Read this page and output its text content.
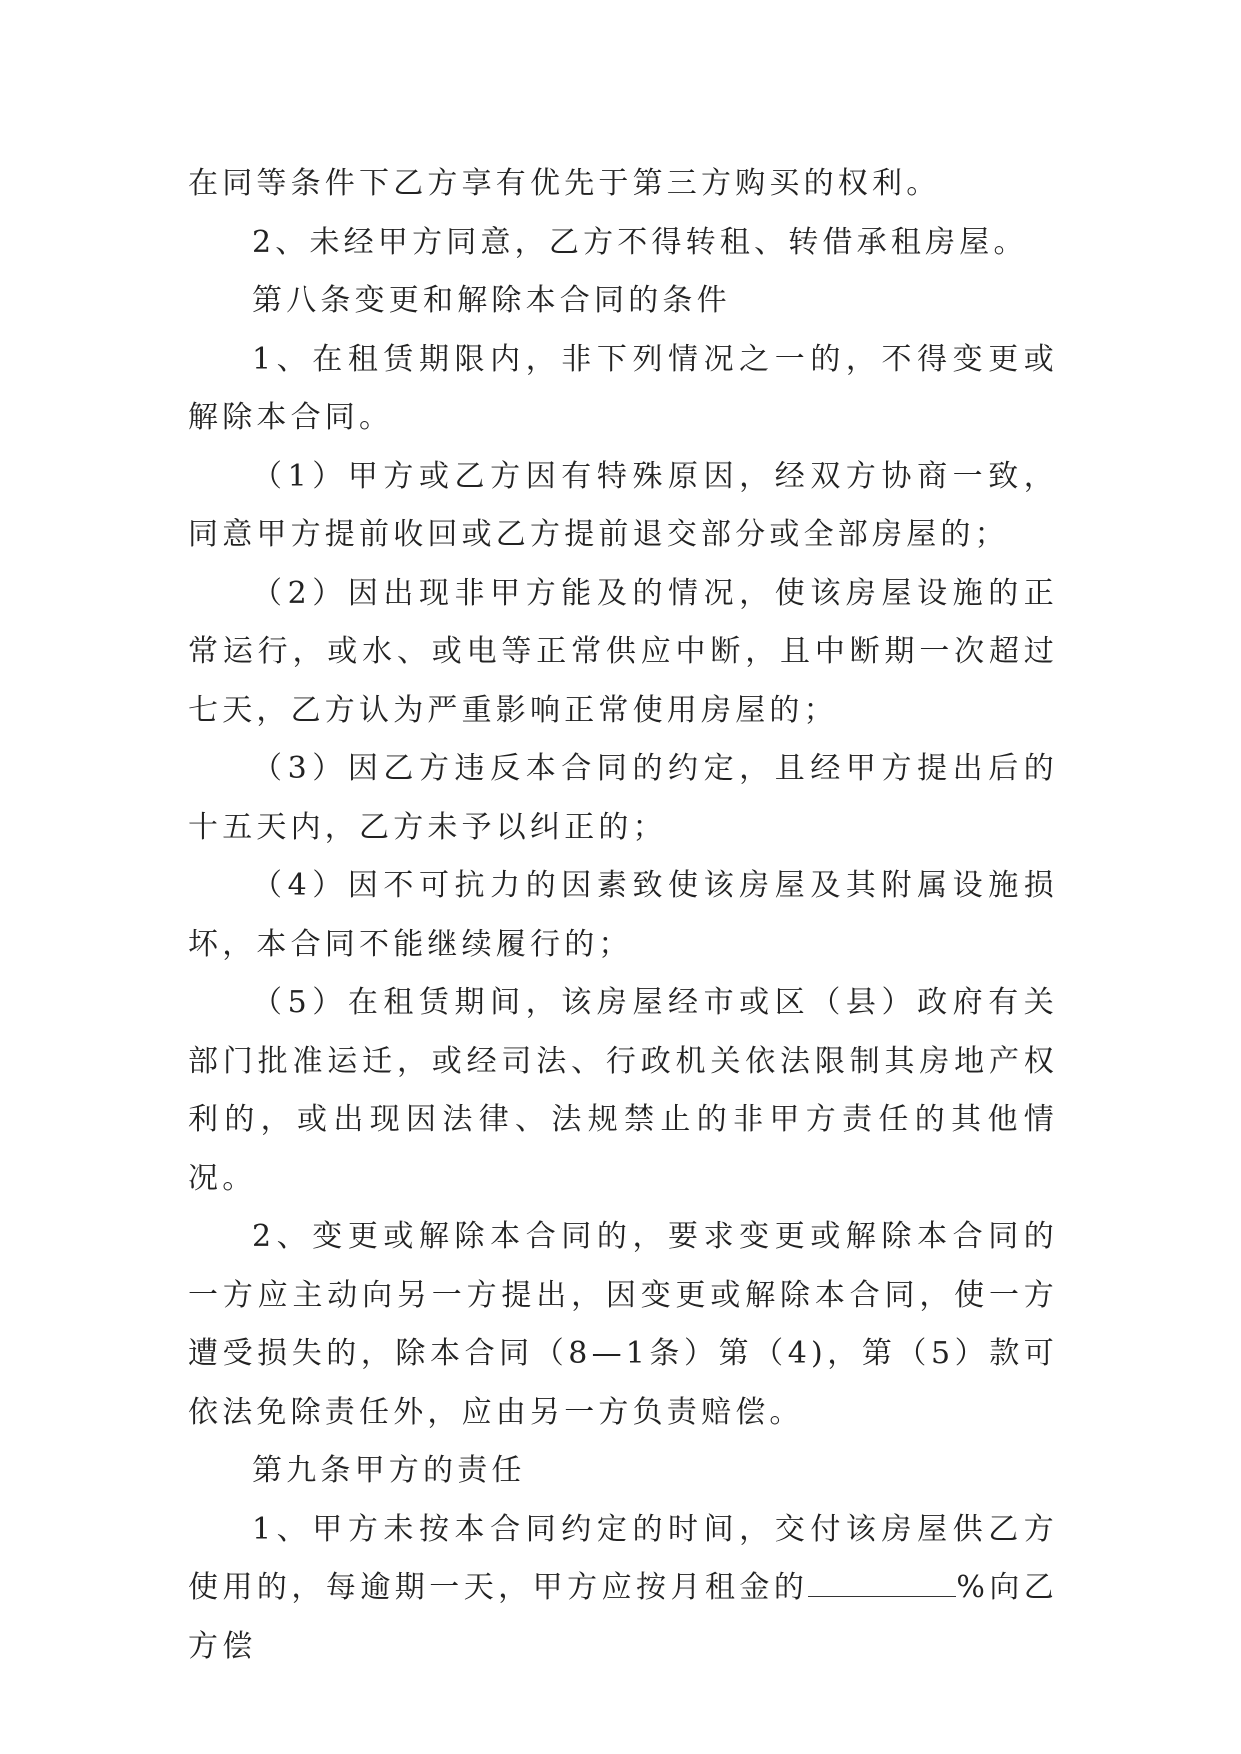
在同等条件下乙方享有优先于第三方购买的权利。

2、未经甲方同意，乙方不得转租、转借承租房屋。

第八条变更和解除本合同的条件

1、在租赁期限内，非下列情况之一的，不得变更或解除本合同。

（1）甲方或乙方因有特殊原因，经双方协商一致，同意甲方提前收回或乙方提前退交部分或全部房屋的；

（2）因出现非甲方能及的情况，使该房屋设施的正常运行，或水、或电等正常供应中断，且中断期一次超过七天，乙方认为严重影响正常使用房屋的；

（3）因乙方违反本合同的约定，且经甲方提出后的十五天内，乙方未予以纠正的；

（4）因不可抗力的因素致使该房屋及其附属设施损坏，本合同不能继续履行的；

（5）在租赁期间，该房屋经市或区（县）政府有关部门批准运迁，或经司法、行政机关依法限制其房地产权利的，或出现因法律、法规禁止的非甲方责任的其他情况。

2、变更或解除本合同的，要求变更或解除本合同的一方应主动向另一方提出，因变更或解除本合同，使一方遭受损失的，除本合同（8—1条）第（4)，第（5）款可依法免除责任外，应由另一方负责赔偿。

第九条甲方的责任

1、甲方未按本合同约定的时间，交付该房屋供乙方使用的，每逾期一天，甲方应按月租金的	%向乙方偿
